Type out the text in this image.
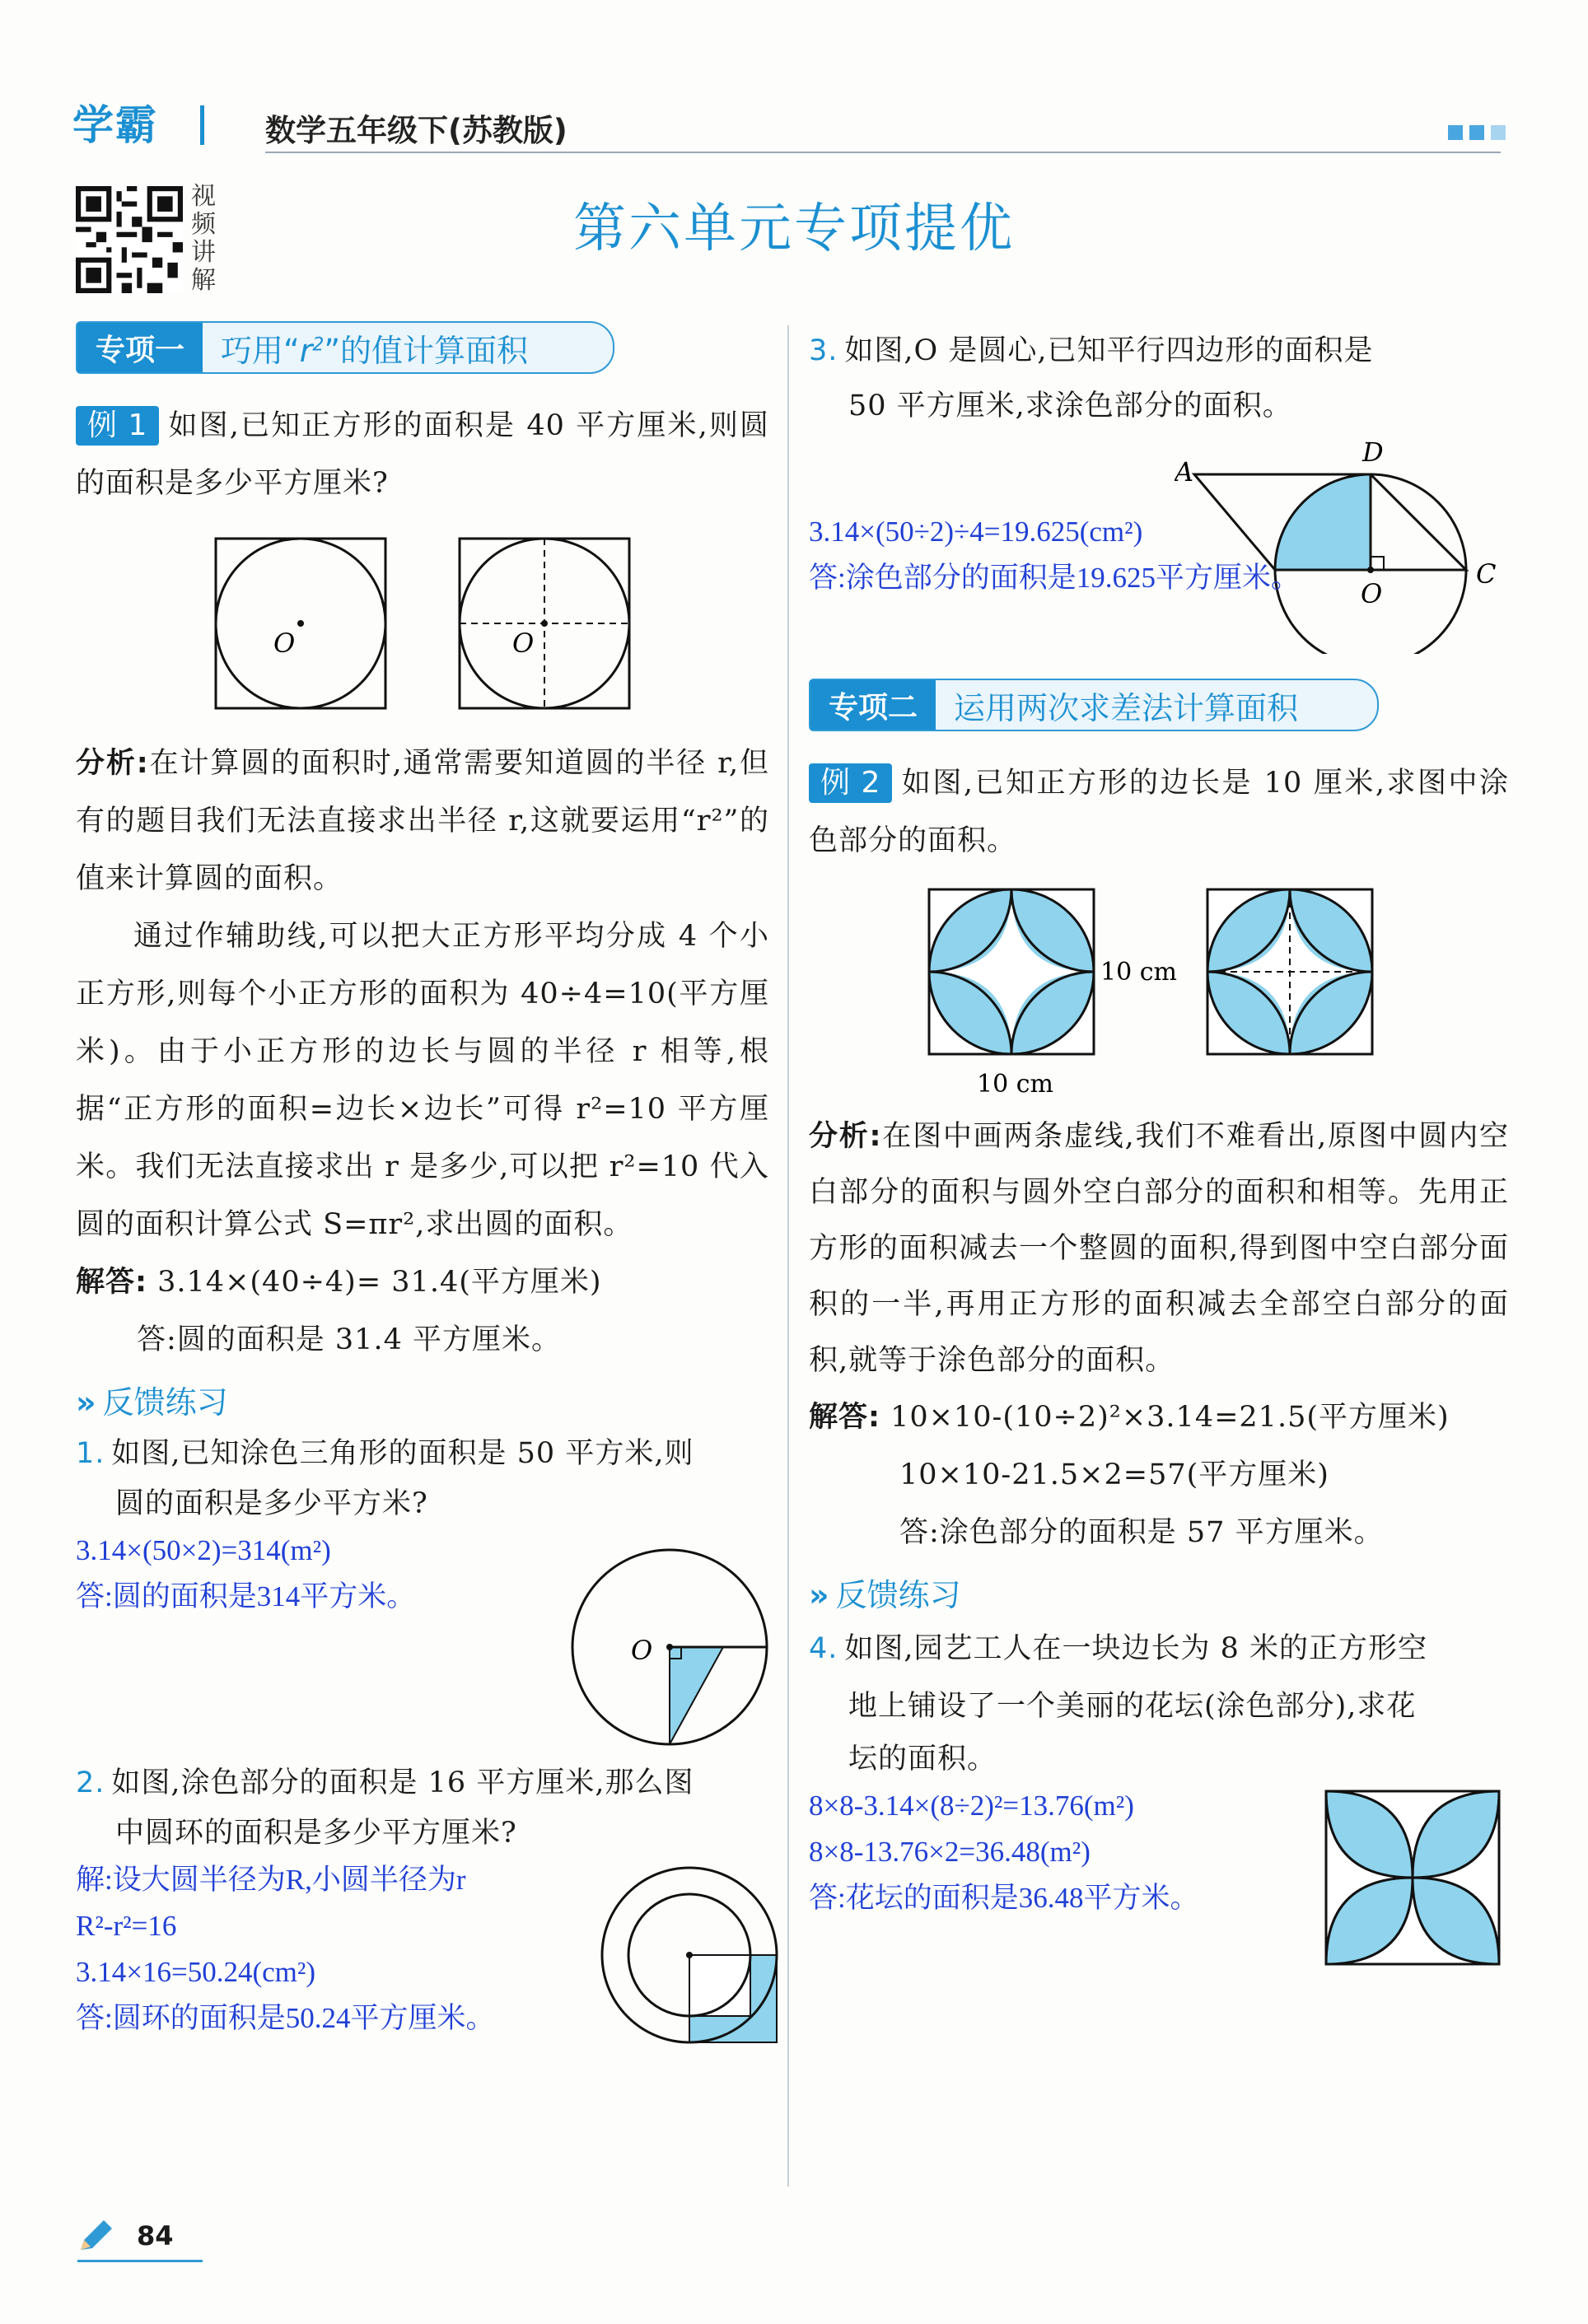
学霸	数学五年级下(苏教版)
视频讲解
第六单元专项提优
专项一	巧用“$r^2$”的值计算面积
例 1 如图,已知正方形的面积是 40 平方厘米,则圆的面积是多少平方厘米?
O	O
分析:在计算圆的面积时,通常需要知道圆的半径 r,但有的题目我们无法直接求出半径 r,这就要运用“r²”的值来计算圆的面积。
通过作辅助线,可以把大正方形平均分成 4 个小正方形,则每个小正方形的面积为 40÷4=10(平方厘米)。由于小正方形的边长与圆的半径 r 相等,根据“正方形的面积=边长×边长”可得 r²=10 平方厘米。我们无法直接求出 r 是多少,可以把 r²=10 代入圆的面积计算公式 S=πr²,求出圆的面积。
解答: 3.14×(40÷4)= 31.4(平方厘米)
答:圆的面积是 31.4 平方厘米。
» 反馈练习
1. 如图,已知涂色三角形的面积是 50 平方米,则
圆的面积是多少平方米?
3.14×(50×2)=314(m²)
答:圆的面积是314平方米。
O
2. 如图,涂色部分的面积是 16 平方厘米,那么图
中圆环的面积是多少平方厘米?
解:设大圆半径为R,小圆半径为r
R²-r²=16
3.14×16=50.24(cm²)
答:圆环的面积是50.24平方厘米。
3. 如图,O 是圆心,已知平行四边形的面积是
50 平方厘米,求涂色部分的面积。
A
D
O
C
3.14×(50÷2)÷4=19.625(cm²)
答:涂色部分的面积是19.625平方厘米。
专项二	运用两次求差法计算面积
例 2 如图,已知正方形的边长是 10 厘米,求图中涂色部分的面积。
10 cm
10 cm
分析:在图中画两条虚线,我们不难看出,原图中圆内空白部分的面积与圆外空白部分的面积和相等。先用正方形的面积减去一个整圆的面积,得到图中空白部分面积的一半,再用正方形的面积减去全部空白部分的面积,就等于涂色部分的面积。
解答: 10×10-(10÷2)²×3.14=21.5(平方厘米)
10×10-21.5×2=57(平方厘米)
答:涂色部分的面积是 57 平方厘米。
» 反馈练习
4. 如图,园艺工人在一块边长为 8 米的正方形空
地上铺设了一个美丽的花坛(涂色部分),求花
坛的面积。
8×8-3.14×(8÷2)²=13.76(m²)
8×8-13.76×2=36.48(m²)
答:花坛的面积是36.48平方米。
84
